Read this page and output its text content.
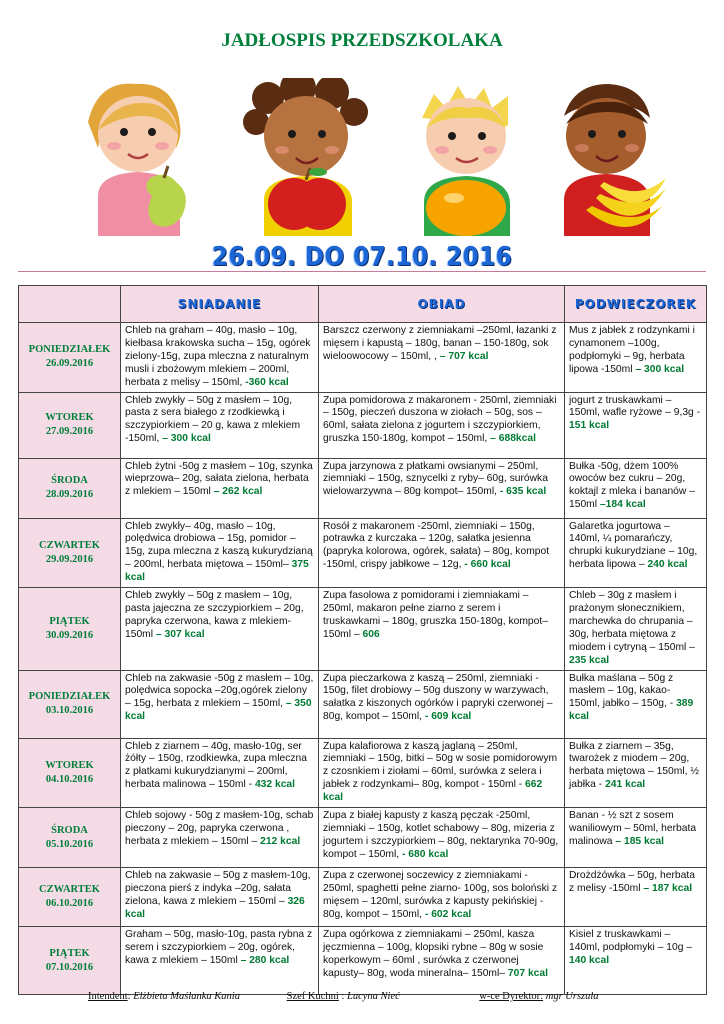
JADŁOSPIS PRZEDSZKOLAKA
26.09. DO 07.10. 2016
	SNIADANIE	OBIAD	PODWIECZOREK

PONIEDZIAŁEK
26.09.2016	Chleb na graham – 40g, masło – 10g, kiełbasa krakowska sucha – 15g, ogórek zielony-15g, zupa mleczna z naturalnym musli i zbożowym mlekiem – 200ml, herbata z melisy – 150ml, -360 kcal	Barszcz czerwony z ziemniakami –250ml, łazanki z mięsem i kapustą – 180g, banan – 150-180g, sok wieloowocowy – 150ml, , – 707 kcal	Mus z jabłek z rodzynkami i cynamonem –100g, podpłomyki – 9g, herbata lipowa -150ml – 300 kcal

WTOREK
27.09.2016	Chleb zwykły – 50g z masłem – 10g, pasta z sera białego z rzodkiewką i szczypiorkiem – 20 g, kawa z mlekiem -150ml, – 300 kcal	Zupa pomidorowa z makaronem - 250ml, ziemniaki – 150g, pieczeń duszona w ziołach – 50g, sos – 60ml, sałata zielona z jogurtem i szczypiorkiem, gruszka 150-180g, kompot – 150ml, – 688kcal	jogurt z truskawkami – 150ml, wafle ryżowe – 9,3g - 151 kcal

ŚRODA
28.09.2016	Chleb żytni -50g z masłem – 10g, szynka wieprzowa– 20g, sałata zielona, herbata z mlekiem – 150ml – 262 kcal	Zupa jarzynowa z płatkami owsianymi – 250ml, ziemniaki – 150g, sznycelki z ryby– 60g, surówka wielowarzywna – 80g kompot– 150ml, - 635 kcal	Bułka -50g, dżem 100% owoców bez cukru – 20g, koktajl z mleka i bananów – 150ml –184 kcal

CZWARTEK
29.09.2016	Chleb zwykły– 40g, masło – 10g, polędwica drobiowa – 15g, pomidor – 15g, zupa mleczna z kaszą kukurydzianą – 200ml, herbata miętowa – 150ml– 375 kcal	Rosół z makaronem -250ml, ziemniaki – 150g, potrawka z kurczaka – 120g, sałatka jesienna (papryka kolorowa, ogórek, sałata) – 80g, kompot -150ml, crispy jabłkowe – 12g, - 660 kcal	Galaretka jogurtowa – 140ml, ¼ pomarańczy, chrupki kukurydziane – 10g, herbata lipowa – 240 kcal

PIĄTEK
30.09.2016	Chleb zwykły – 50g z masłem – 10g, pasta jajeczna ze szczypiorkiem – 20g, papryka czerwona, kawa z mlekiem-150ml – 307 kcal	Zupa fasolowa z pomidorami i ziemniakami – 250ml, makaron pełne ziarno z serem i truskawkami – 180g, gruszka 150-180g, kompot– 150ml – 606	Chleb – 30g z masłem i prażonym słonecznikiem, marchewka do chrupania – 30g, herbata miętowa z miodem i cytryną – 150ml – 235 kcal

PONIEDZIAŁEK
03.10.2016	Chleb na zakwasie -50g z masłem – 10g, polędwica sopocka –20g,ogórek zielony – 15g, herbata z mlekiem – 150ml, – 350 kcal	Zupa pieczarkowa z kaszą – 250ml, ziemniaki - 150g, filet drobiowy – 50g duszony w warzywach, sałatka z kiszonych ogórków i papryki czerwonej – 80g, kompot – 150ml, - 609 kcal	Bułka maślana – 50g z masłem – 10g, kakao- 150ml, jabłko – 150g, - 389 kcal

WTOREK
04.10.2016	Chleb z ziarnem – 40g, masło-10g, ser żółty – 150g, rzodkiewka, zupa mleczna z płatkami kukurydzianymi – 200ml, herbata malinowa – 150ml - 432 kcal	Zupa kalafiorowa z kaszą jaglaną – 250ml, ziemniaki – 150g, bitki – 50g w sosie pomidorowym z czosnkiem i ziołami – 60ml, surówka z selera i jabłek z rodzynkami– 80g, kompot - 150ml - 662 kcal	Bułka z ziarnem – 35g, twarożek z miodem – 20g, herbata miętowa – 150ml, ½ jabłka - 241 kcal

ŚRODA
05.10.2016	Chleb sojowy - 50g z masłem-10g, schab pieczony – 20g, papryka czerwona , herbata z mlekiem – 150ml – 212 kcal	Zupa z białej kapusty z kaszą pęczak -250ml, ziemniaki – 150g, kotlet schabowy – 80g, mizeria z jogurtem i szczypiorkiem – 80g, nektarynka 70-90g, kompot – 150ml, - 680 kcal	Banan - ½ szt z sosem waniliowym – 50ml, herbata malinowa – 185 kcal

CZWARTEK
06.10.2016	Chleb na zakwasie – 50g z masłem-10g, pieczona pierś z indyka –20g, sałata zielona, kawa z mlekiem – 150ml – 326 kcal	Zupa z czerwonej soczewicy z ziemniakami - 250ml, spaghetti pełne ziarno- 100g, sos boloński z mięsem – 120ml, surówka z kapusty pekińskiej - 80g, kompot – 150ml, - 602 kcal	Drożdżówka – 50g, herbata z melisy -150ml – 187 kcal

PIĄTEK
07.10.2016	Graham – 50g, masło-10g, pasta rybna z serem i szczypiorkiem – 20g, ogórek, kawa z mlekiem – 150ml – 280 kcal	Zupa ogórkowa z ziemniakami – 250ml, kasza jęczmienna – 100g, klopsiki rybne – 80g w sosie koperkowym – 60ml , surówka z czerwonej kapusty– 80g, woda mineralna– 150ml– 707 kcal	Kisiel z truskawkami – 140ml, podpłomyki – 10g – 140 kcal
Intendent: Elżbieta Maślanka Kania	Szef Kuchni : Lucyna Nieć	w-ce Dyrektor: mgr Urszula
